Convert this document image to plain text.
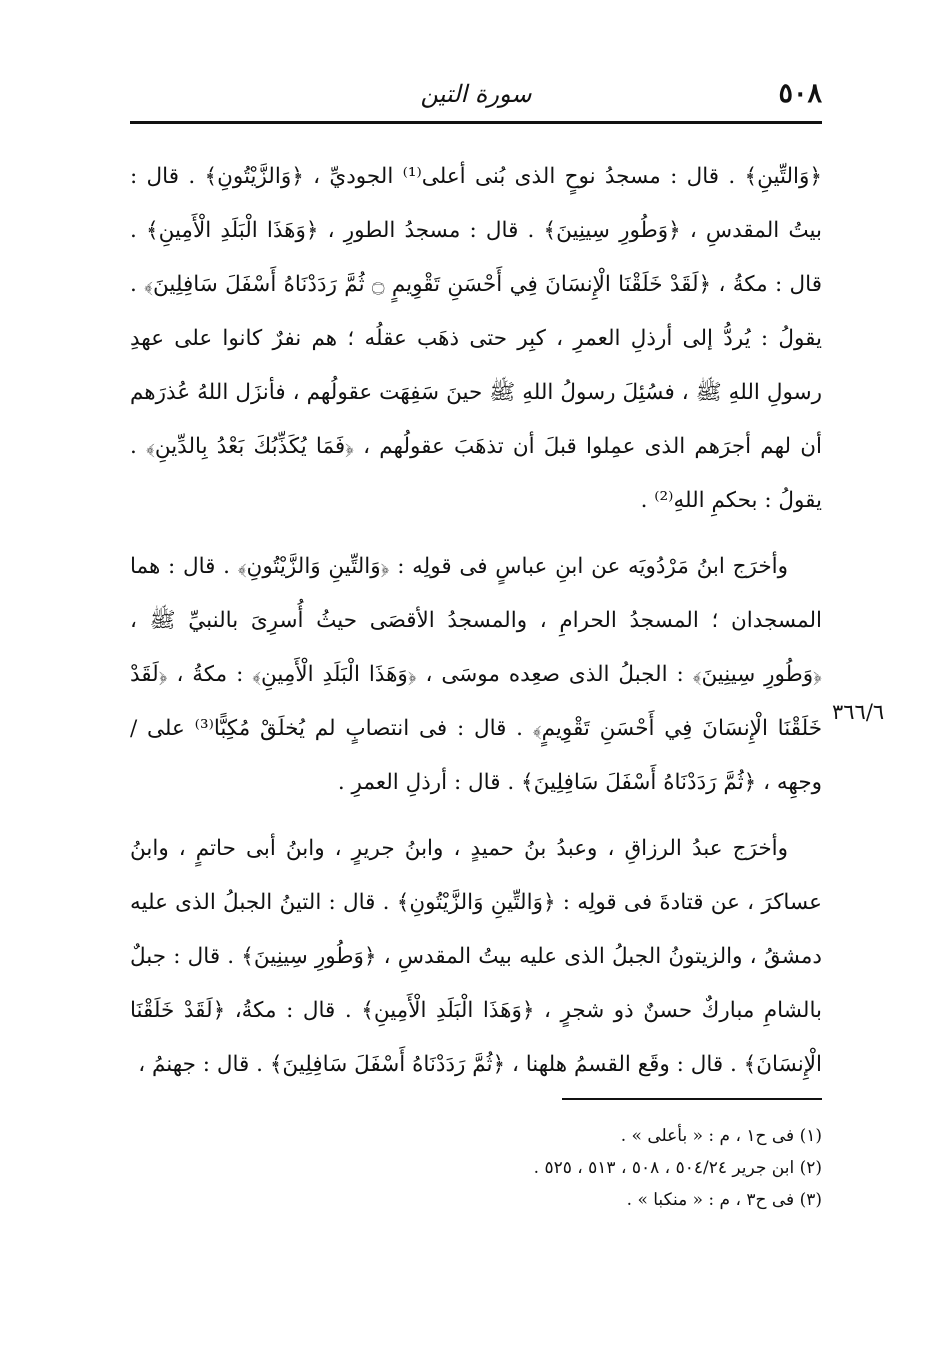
٥٠٨
سورة التين

﴿وَالتِّينِ﴾ . قال : مسجدُ نوحٍ الذى بُنى أعلى⁽¹⁾ الجوديِّ ، ﴿وَالزَّيْتُونِ﴾ . قال : بيتُ المقدسِ ، ﴿وَطُورِ سِينِينَ﴾ . قال : مسجدُ الطورِ ، ﴿وَهَذَا الْبَلَدِ الْأَمِينِ﴾ . قال : مكةُ ، ﴿لَقَدْ خَلَقْنَا الْإِنسَانَ فِي أَحْسَنِ تَقْوِيمٍ ۝ ثُمَّ رَدَدْنَاهُ أَسْفَلَ سَافِلِينَ﴾ . يقولُ : يُردُّ إلى أرذلِ العمرِ ، كبِر حتى ذهَب عقلُه ؛ هم نفرٌ كانوا على عهدِ رسولِ اللهِ ﷺ ، فسُئِلَ رسولُ اللهِ ﷺ حينَ سَفِهَت عقولُهم ، فأنزَل اللهُ عُذرَهم أن لهم أجرَهم الذى عمِلوا قبلَ أن تذهَبَ عقولُهم ، ﴿فَمَا يُكَذِّبُكَ بَعْدُ بِالدِّينِ﴾ . يقولُ : بحكمِ اللهِ⁽²⁾ .

وأخرَج ابنُ مَرْدُويَه عن ابنِ عباسٍ فى قولِه : ﴿وَالتِّينِ وَالزَّيْتُونِ﴾ . قال : هما المسجدان ؛ المسجدُ الحرامِ ، والمسجدُ الأقصَى حيثُ أُسرِىَ بالنبيِّ ﷺ ، ﴿وَطُورِ سِينِينَ﴾ : الجبلُ الذى صعِده موسَى ، ﴿وَهَذَا الْبَلَدِ الْأَمِينِ﴾ : مكةُ ، ﴿لَقَدْ خَلَقْنَا الْإِنسَانَ فِي أَحْسَنِ تَقْوِيمٍ﴾ . قال : فى انتصابٍ لم يُخلَقْ مُكِبًّا⁽³⁾ على /وجهِه ، ﴿ثُمَّ رَدَدْنَاهُ أَسْفَلَ سَافِلِينَ﴾ . قال : أرذلِ العمرِ .

وأخرَج عبدُ الرزاقِ ، وعبدُ بنُ حميدٍ ، وابنُ جريرٍ ، وابنُ أبى حاتمٍ ، وابنُ عساكرَ ، عن قتادةَ فى قولِه : ﴿وَالتِّينِ وَالزَّيْتُونِ﴾ . قال : التينُ الجبلُ الذى عليه دمشقُ ، والزيتونُ الجبلُ الذى عليه بيتُ المقدسِ ، ﴿وَطُورِ سِينِينَ﴾ . قال : جبلٌ بالشامِ مباركٌ حسنٌ ذو شجرٍ ، ﴿وَهَذَا الْبَلَدِ الْأَمِينِ﴾ . قال : مكةُ، ﴿لَقَدْ خَلَقْنَا الْإِنسَانَ﴾ . قال : وقَع القسمُ هلهنا ، ﴿ثُمَّ رَدَدْنَاهُ أَسْفَلَ سَافِلِينَ﴾ . قال : جهنمُ ،

٣٦٦/٦
(١) فى ح١ ، م : « بأعلى » .
(٢) ابن جرير ٥٠٤/٢٤ ، ٥٠٨ ، ٥١٣ ، ٥٢٥ .
(٣) فى ح٣ ، م : « منكبا » .
